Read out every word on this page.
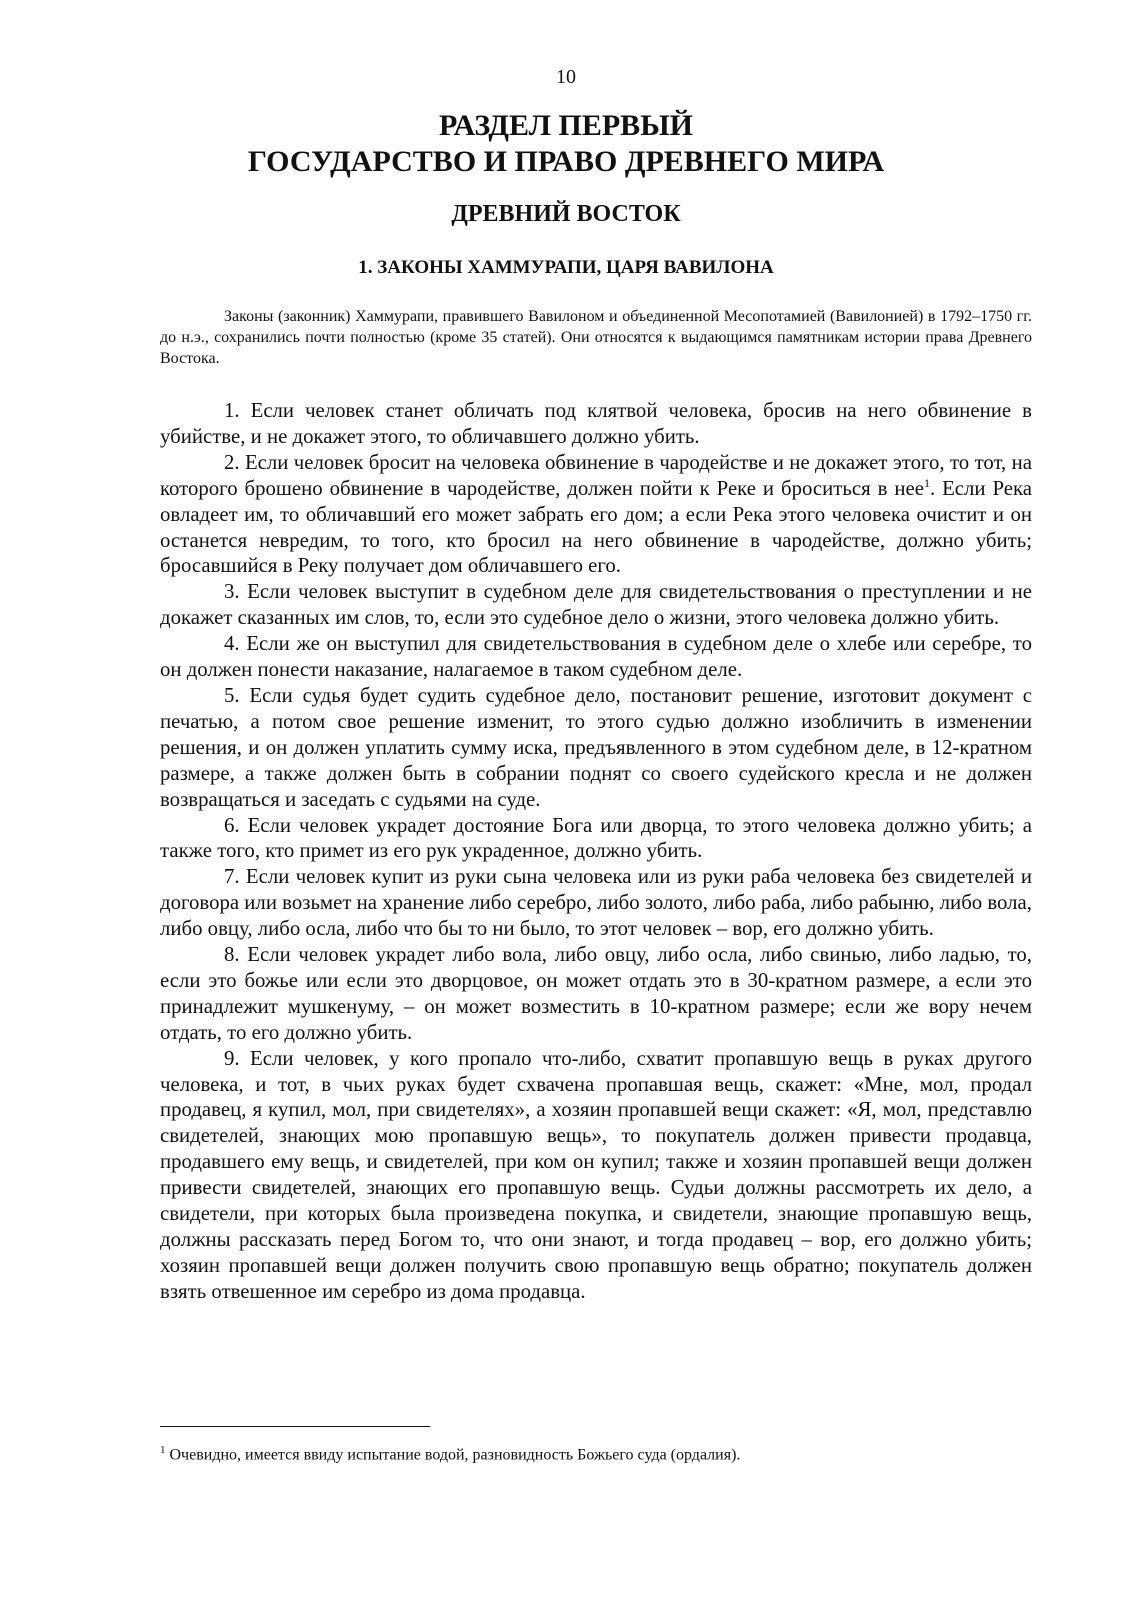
10
РАЗДЕЛ ПЕРВЫЙ
ГОСУДАРСТВО И ПРАВО ДРЕВНЕГО МИРА
ДРЕВНИЙ ВОСТОК
1. ЗАКОНЫ ХАММУРАПИ, ЦАРЯ ВАВИЛОНА

Законы (законник) Хаммурапи, правившего Вавилоном и объединенной Месопотамией (Вавилонией) в 1792–1750 гг. до н.э., сохранились почти полностью (кроме 35 статей). Они относятся к выдающимся памятникам истории права Древнего Востока.

1. Если человек станет обличать под клятвой человека, бросив на него обвинение в убийстве, и не докажет этого, то обличавшего должно убить.

2. Если человек бросит на человека обвинение в чародействе и не докажет этого, то тот, на которого брошено обвинение в чародействе, должен пойти к Реке и броситься в нее$^1$. Если Река овладеет им, то обличавший его может забрать его дом; а если Река этого человека очистит и он останется невредим, то того, кто бросил на него обвинение в чародействе, должно убить; бросавшийся в Реку получает дом обличавшего его.

3. Если человек выступит в судебном деле для свидетельствования о преступлении и не докажет сказанных им слов, то, если это судебное дело о жизни, этого человека должно убить.

4. Если же он выступил для свидетельствования в судебном деле о хлебе или серебре, то он должен понести наказание, налагаемое в таком судебном деле.

5. Если судья будет судить судебное дело, постановит решение, изготовит документ с печатью, а потом свое решение изменит, то этого судью должно изобличить в изменении решения, и он должен уплатить сумму иска, предъявленного в этом судебном деле, в 12-кратном размере, а также должен быть в собрании поднят со своего судейского кресла и не должен возвращаться и заседать с судьями на суде.

6. Если человек украдет достояние Бога или дворца, то этого человека должно убить; а также того, кто примет из его рук украденное, должно убить.

7. Если человек купит из руки сына человека или из руки раба человека без свидетелей и договора или возьмет на хранение либо серебро, либо золото, либо раба, либо рабыню, либо вола, либо овцу, либо осла, либо что бы то ни было, то этот человек – вор, его должно убить.

8. Если человек украдет либо вола, либо овцу, либо осла, либо свинью, либо ладью, то, если это божье или если это дворцовое, он может отдать это в 30-кратном размере, а если это принадлежит мушкенуму, – он может возместить в 10-кратном размере; если же вору нечем отдать, то его должно убить.

9. Если человек, у кого пропало что-либо, схватит пропавшую вещь в руках другого человека, и тот, в чьих руках будет схвачена пропавшая вещь, скажет: «Мне, мол, продал продавец, я купил, мол, при свидетелях», а хозяин пропавшей вещи скажет: «Я, мол, представлю свидетелей, знающих мою пропавшую вещь», то покупатель должен привести продавца, продавшего ему вещь, и свидетелей, при ком он купил; также и хозяин пропавшей вещи должен привести свидетелей, знающих его пропавшую вещь. Судьи должны рассмотреть их дело, а свидетели, при которых была произведена покупка, и свидетели, знающие пропавшую вещь, должны рассказать перед Богом то, что они знают, и тогда продавец – вор, его должно убить; хозяин пропавшей вещи должен получить свою пропавшую вещь обратно; покупатель должен взять отвешенное им серебро из дома продавца.

$^1$ Очевидно, имеется ввиду испытание водой, разновидность Божьего суда (ордалия).
